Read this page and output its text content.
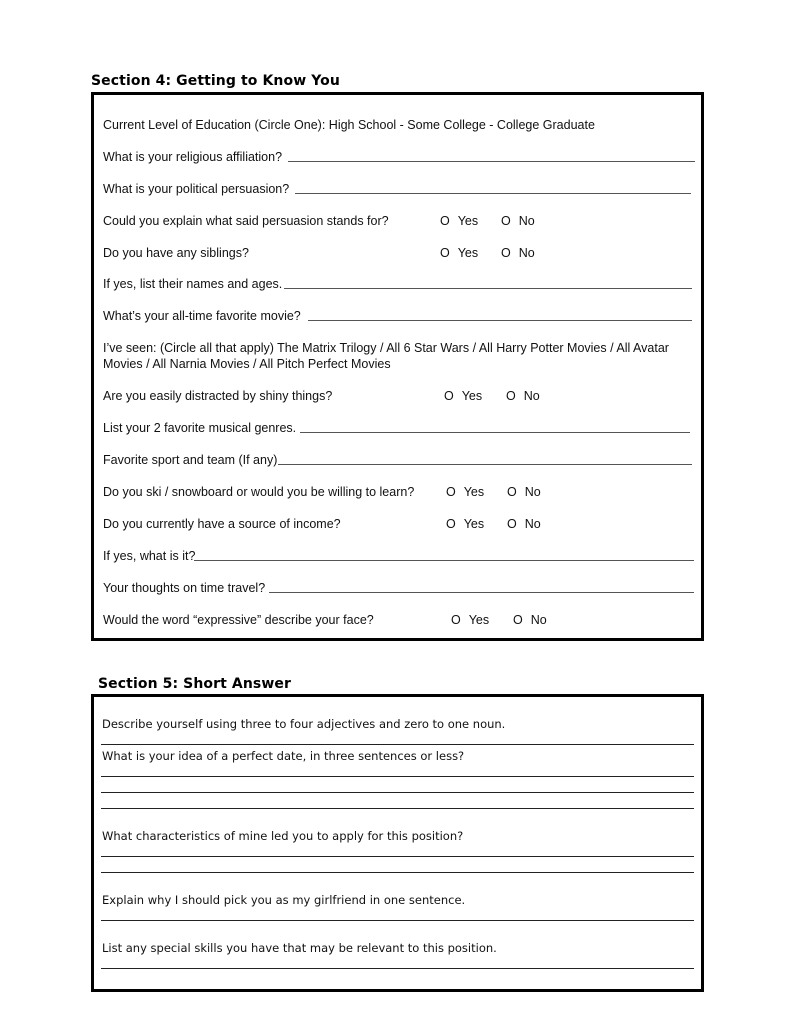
Section 4: Getting to Know You
Current Level of Education (Circle One): High School - Some College - College Graduate
What is your religious affiliation?
What is your political persuasion?
Could you explain what said persuasion stands for?	O Yes O No
Do you have any siblings?	O Yes O No
If yes, list their names and ages.
What’s your all-time favorite movie?
I’ve seen: (Circle all that apply) The Matrix Trilogy / All 6 Star Wars / All Harry Potter Movies / All Avatar Movies / All Narnia Movies / All Pitch Perfect Movies
Are you easily distracted by shiny things?	O Yes O No
List your 2 favorite musical genres.
Favorite sport and team (If any)
Do you ski / snowboard or would you be willing to learn?	O Yes O No
Do you currently have a source of income?	O Yes O No
If yes, what is it?
Your thoughts on time travel?
Would the word “expressive” describe your face?	O Yes O No
Section 5: Short Answer
Describe yourself using three to four adjectives and zero to one noun.
What is your idea of a perfect date, in three sentences or less?
What characteristics of mine led you to apply for this position?
Explain why I should pick you as my girlfriend in one sentence.
List any special skills you have that may be relevant to this position.
